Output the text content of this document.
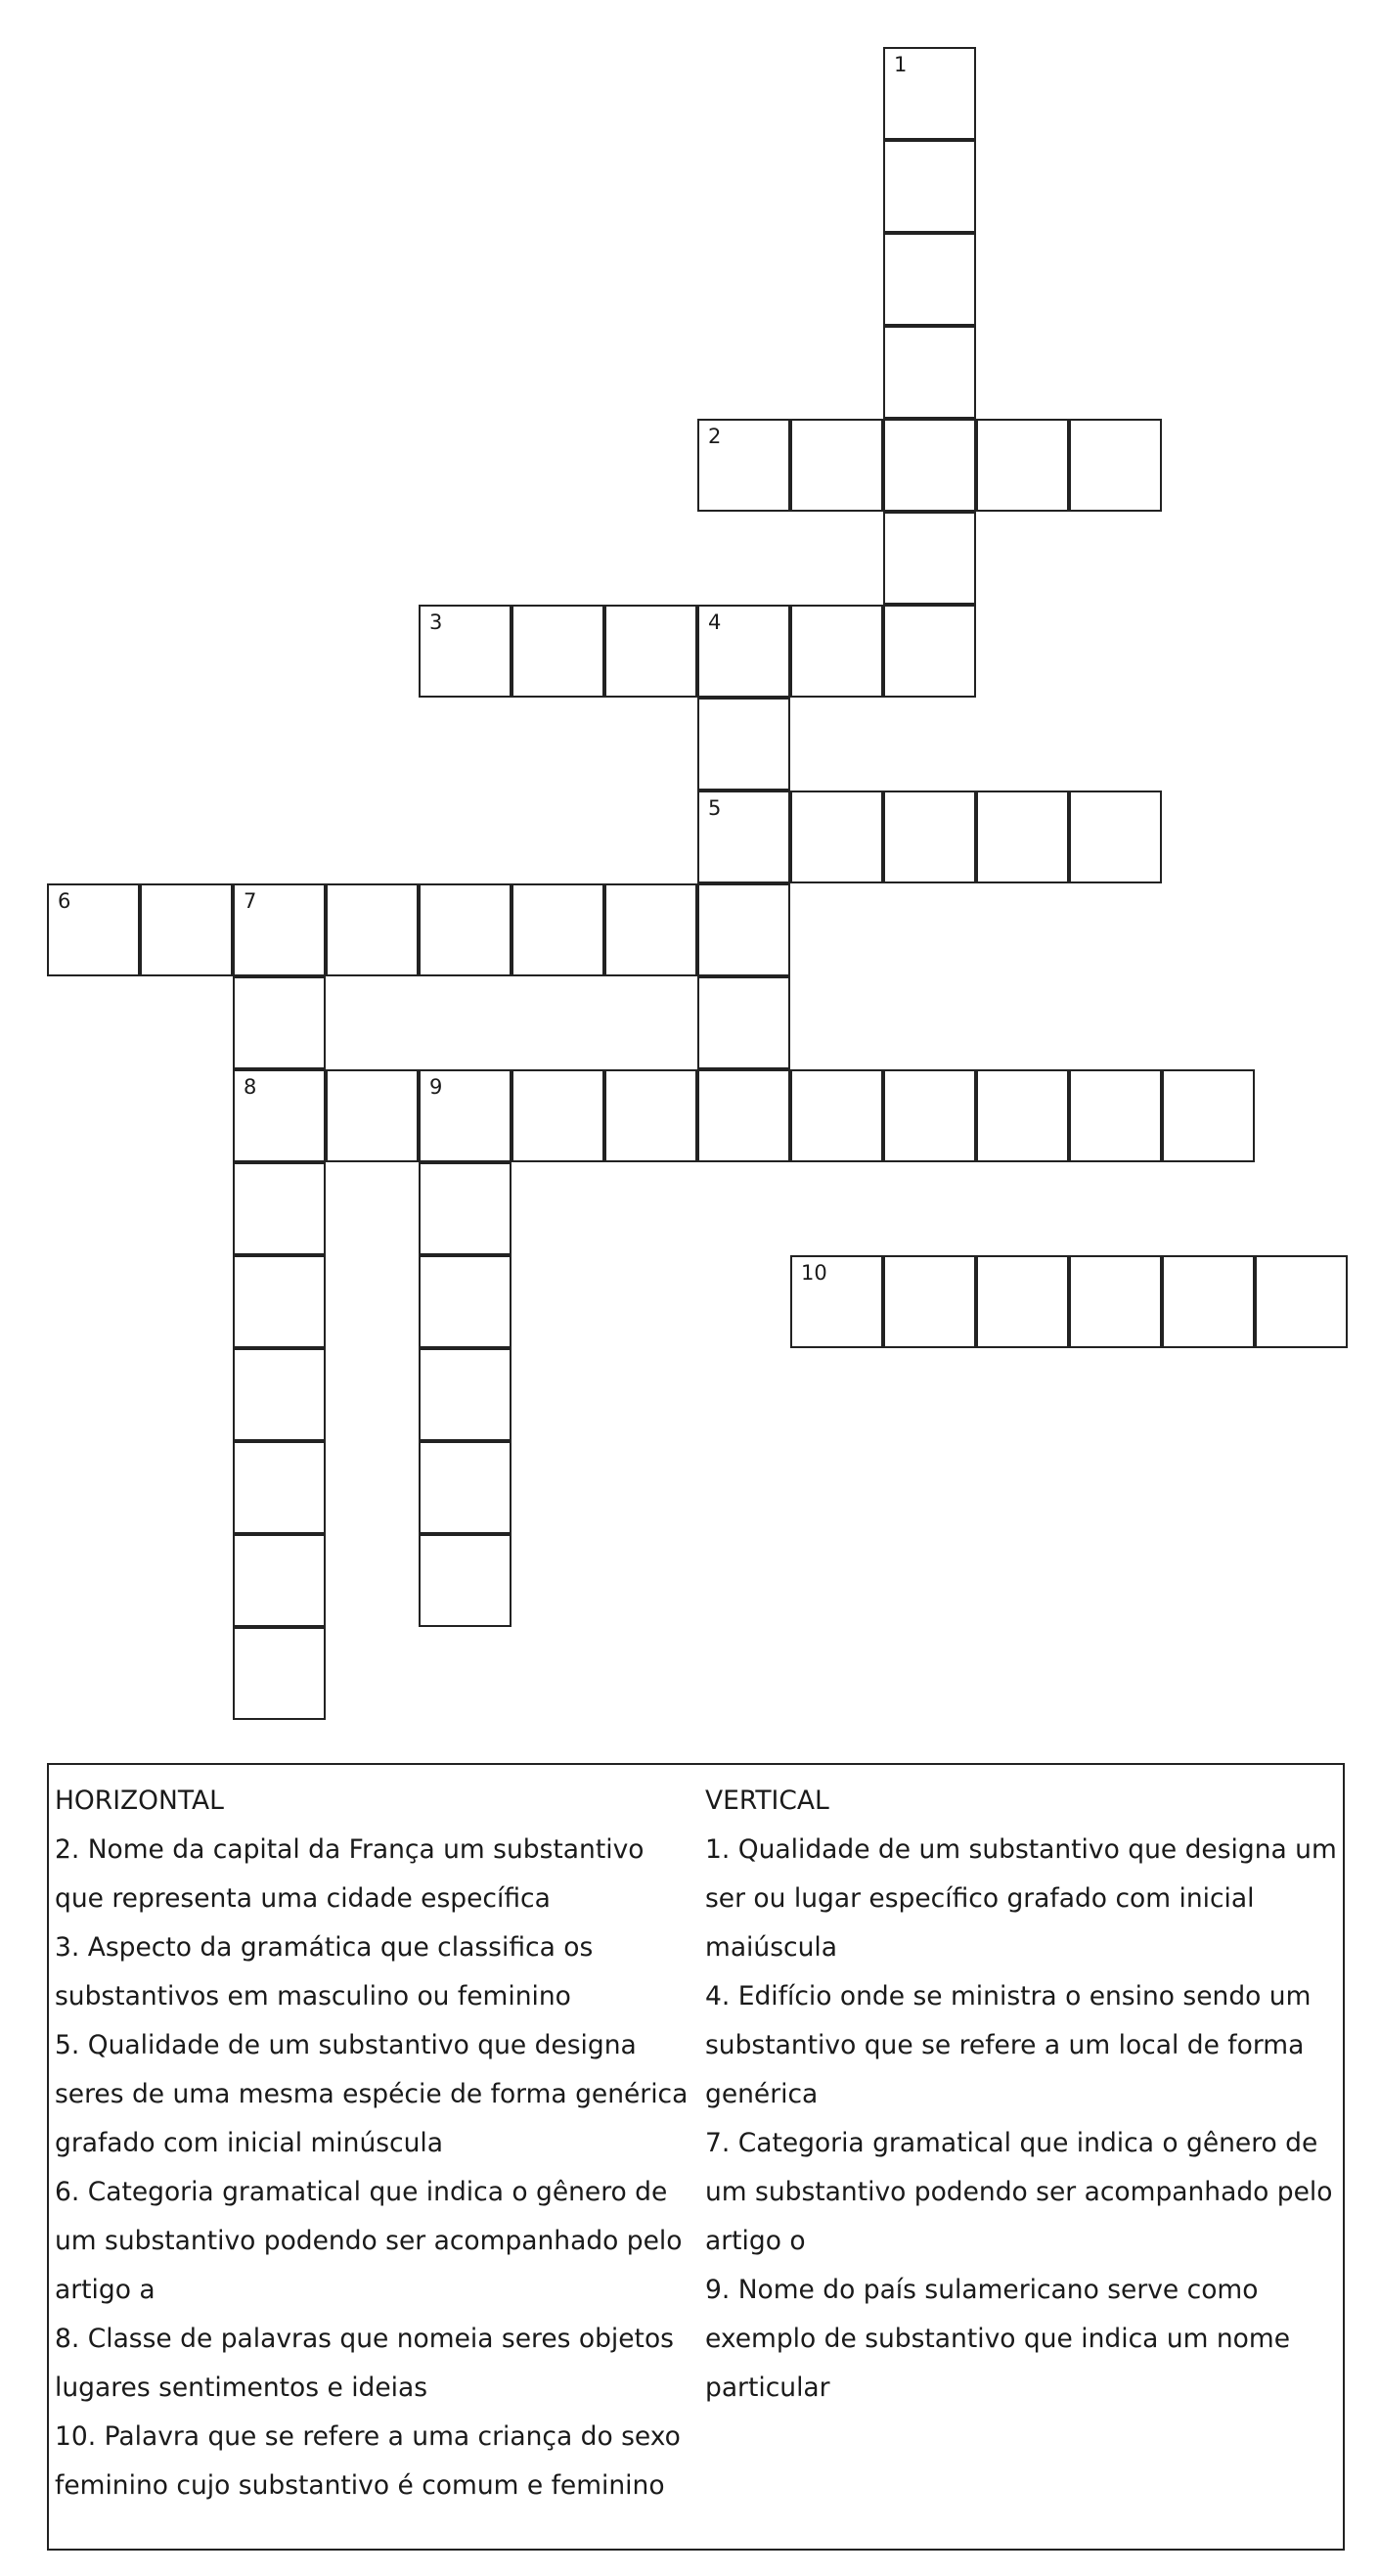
1
2
3	4
5
6	7
8	9
10

HORIZONTAL

2. Nome da capital da França um substantivo que representa uma cidade específica

3. Aspecto da gramática que classifica os substantivos em masculino ou feminino

5. Qualidade de um substantivo que designa seres de uma mesma espécie de forma genérica grafado com inicial minúscula

6. Categoria gramatical que indica o gênero de um substantivo podendo ser acompanhado pelo artigo a

8. Classe de palavras que nomeia seres objetos lugares sentimentos e ideias

10. Palavra que se refere a uma criança do sexo feminino cujo substantivo é comum e feminino

VERTICAL

1. Qualidade de um substantivo que designa um ser ou lugar específico grafado com inicial maiúscula

4. Edifício onde se ministra o ensino sendo um substantivo que se refere a um local de forma genérica

7. Categoria gramatical que indica o gênero de um substantivo podendo ser acompanhado pelo artigo o

9. Nome do país sulamericano serve como exemplo de substantivo que indica um nome particular
